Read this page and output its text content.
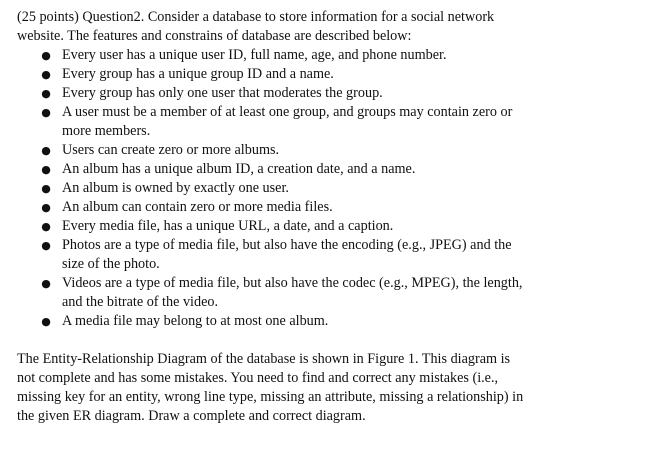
(25 points) Question2. Consider a database to store information for a social network

website. The features and constrains of database are described below:

● Every user has a unique user ID, full name, age, and phone number.
● Every group has a unique group ID and a name.
● Every group has only one user that moderates the group.
● A user must be a member of at least one group, and groups may contain zero or
more members.
● Users can create zero or more albums.
● An album has a unique album ID, a creation date, and a name.
● An album is owned by exactly one user.
● An album can contain zero or more media files.
● Every media file, has a unique URL, a date, and a caption.
● Photos are a type of media file, but also have the encoding (e.g., JPEG) and the
size of the photo.
● Videos are a type of media file, but also have the codec (e.g., MPEG), the length,
and the bitrate of the video.
● A media file may belong to at most one album.

The Entity-Relationship Diagram of the database is shown in Figure 1. This diagram is

not complete and has some mistakes. You need to find and correct any mistakes (i.e.,

missing key for an entity, wrong line type, missing an attribute, missing a relationship) in

the given ER diagram. Draw a complete and correct diagram.
